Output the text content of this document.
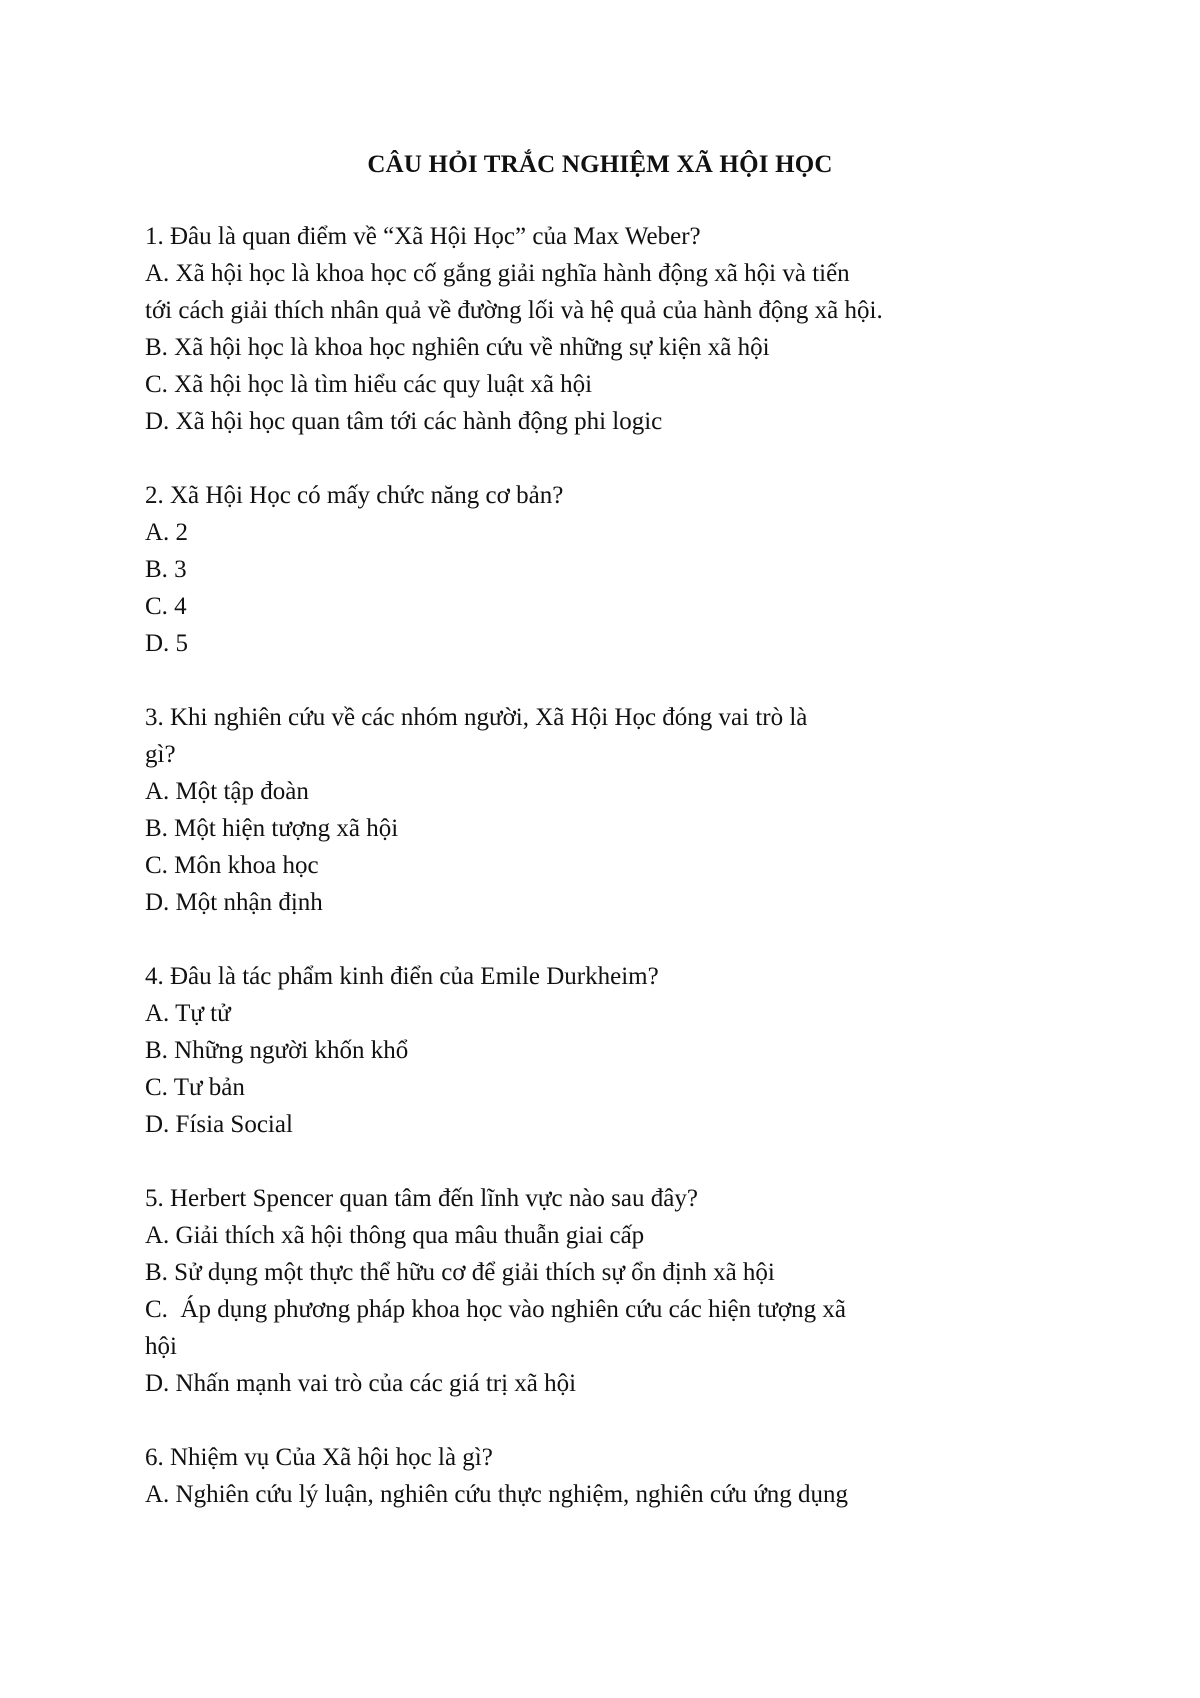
CÂU HỎI TRẮC NGHIỆM XÃ HỘI HỌC
1. Đâu là quan điểm về “Xã Hội Học” của Max Weber?
A. Xã hội học là khoa học cố gắng giải nghĩa hành động xã hội và tiến
tới cách giải thích nhân quả về đường lối và hệ quả của hành động xã hội.
B. Xã hội học là khoa học nghiên cứu về những sự kiện xã hội
C. Xã hội học là tìm hiểu các quy luật xã hội
D. Xã hội học quan tâm tới các hành động phi logic
2. Xã Hội Học có mấy chức năng cơ bản?
A. 2
B. 3
C. 4
D. 5
3. Khi nghiên cứu về các nhóm người, Xã Hội Học đóng vai trò là
gì?
A. Một tập đoàn
B. Một hiện tượng xã hội
C. Môn khoa học
D. Một nhận định
4. Đâu là tác phẩm kinh điển của Emile Durkheim?
A. Tự tử
B. Những người khốn khổ
C. Tư bản
D. Físia Social
5. Herbert Spencer quan tâm đến lĩnh vực nào sau đây?
A. Giải thích xã hội thông qua mâu thuẫn giai cấp
B. Sử dụng một thực thể hữu cơ để giải thích sự ổn định xã hội
C.  Áp dụng phương pháp khoa học vào nghiên cứu các hiện tượng xã
hội
D. Nhấn mạnh vai trò của các giá trị xã hội
6. Nhiệm vụ Của Xã hội học là gì?
A. Nghiên cứu lý luận, nghiên cứu thực nghiệm, nghiên cứu ứng dụng
